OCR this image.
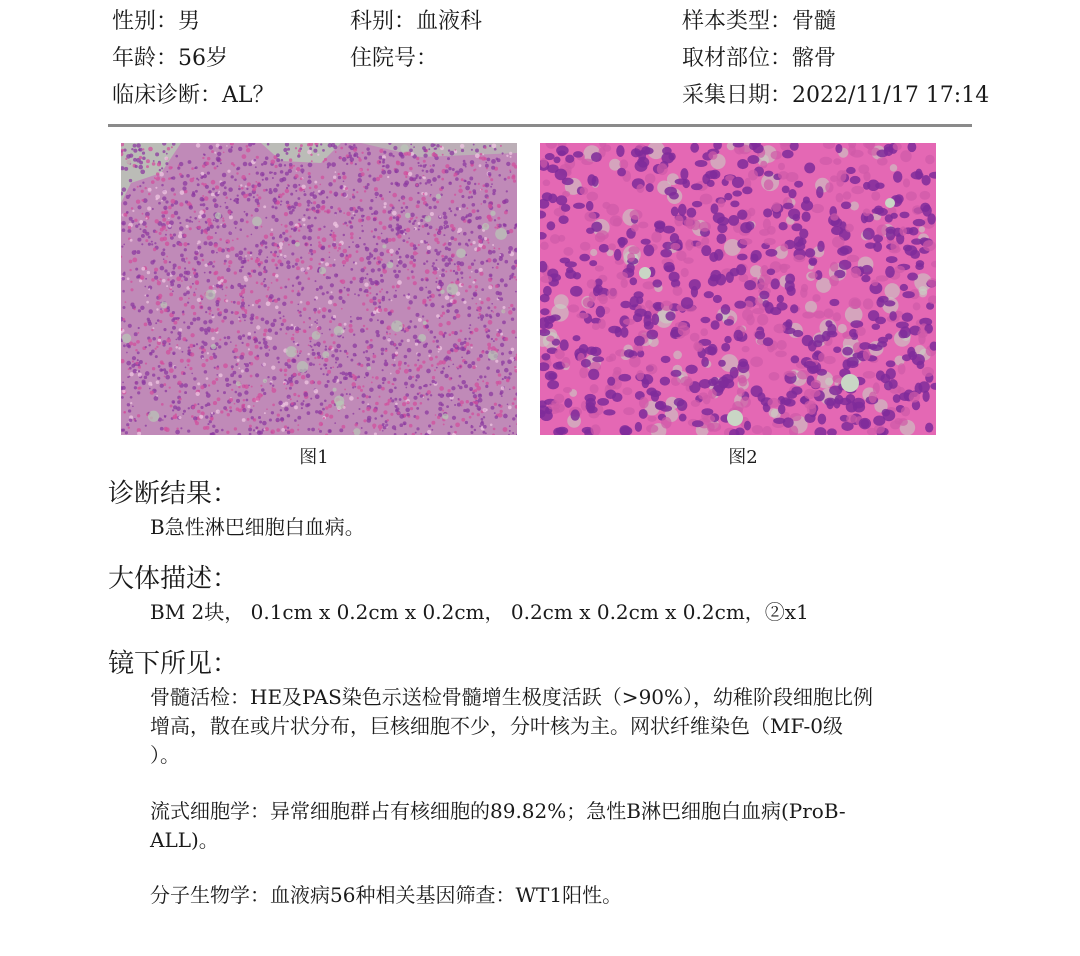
性别：男	科别：血液科	样本类型：骨髓
年龄：56岁	住院号：	取材部位：髂骨
临床诊断：AL？	采集日期：2022/11/17 17:14
图1	图2
诊断结果：
B急性淋巴细胞白血病。
大体描述：
BM 2块， 0.1cm x 0.2cm x 0.2cm， 0.2cm x 0.2cm x 0.2cm，②x1
镜下所见：
骨髓活检：HE及PAS染色示送检骨髓增生极度活跃（>90%），幼稚阶段细胞比例
增高，散在或片状分布，巨核细胞不少，分叶核为主。网状纤维染色（MF-0级
）。
流式细胞学：异常细胞群占有核细胞的89.82%；急性B淋巴细胞白血病(ProB-
ALL)。
分子生物学：血液病56种相关基因筛查：WT1阳性。
